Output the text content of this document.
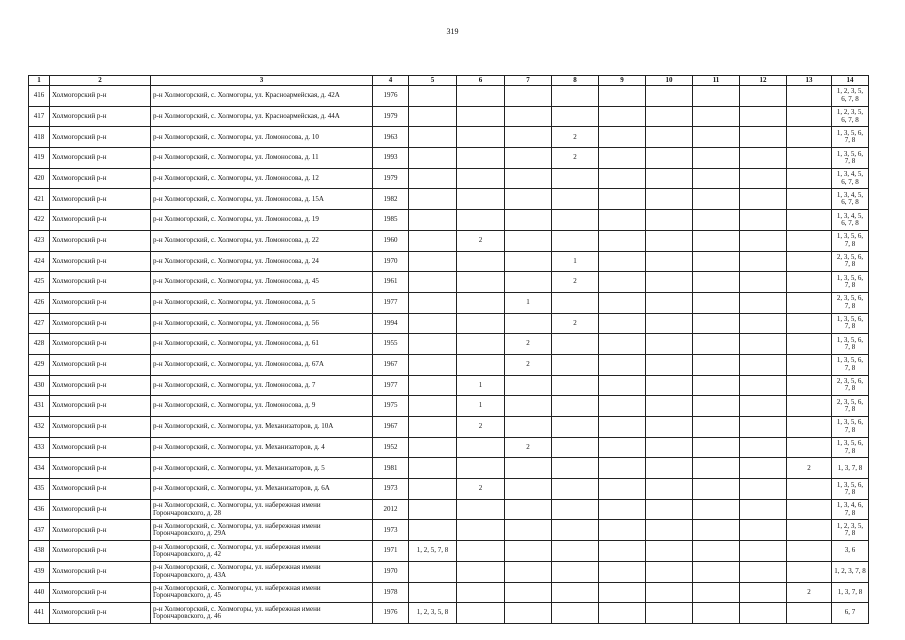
319
1	2	3	4	5	6	7	8	9	10	11	12	13	14
416	Холмогорский р-н	р-н Холмогорский, с. Холмогоры, ул. Красноармейская, д. 42А	1976										1, 2, 3, 5, 6, 7, 8
417	Холмогорский р-н	р-н Холмогорский, с. Холмогоры, ул. Красноармейская, д. 44А	1979										1, 2, 3, 5, 6, 7, 8
418	Холмогорский р-н	р-н Холмогорский, с. Холмогоры, ул. Ломоносова, д. 10	1963				2						1, 3, 5, 6, 7, 8
419	Холмогорский р-н	р-н Холмогорский, с. Холмогоры, ул. Ломоносова, д. 11	1993				2						1, 3, 5, 6, 7, 8
420	Холмогорский р-н	р-н Холмогорский, с. Холмогоры, ул. Ломоносова, д. 12	1979										1, 3, 4, 5, 6, 7, 8
421	Холмогорский р-н	р-н Холмогорский, с. Холмогоры, ул. Ломоносова, д. 15А	1982										1, 3, 4, 5, 6, 7, 8
422	Холмогорский р-н	р-н Холмогорский, с. Холмогоры, ул. Ломоносова, д. 19	1985										1, 3, 4, 5, 6, 7, 8
423	Холмогорский р-н	р-н Холмогорский, с. Холмогоры, ул. Ломоносова, д. 22	1960		2								1, 3, 5, 6, 7, 8
424	Холмогорский р-н	р-н Холмогорский, с. Холмогоры, ул. Ломоносова, д. 24	1970				1						2, 3, 5, 6, 7, 8
425	Холмогорский р-н	р-н Холмогорский, с. Холмогоры, ул. Ломоносова, д. 45	1961				2						1, 3, 5, 6, 7, 8
426	Холмогорский р-н	р-н Холмогорский, с. Холмогоры, ул. Ломоносова, д. 5	1977			1							2, 3, 5, 6, 7, 8
427	Холмогорский р-н	р-н Холмогорский, с. Холмогоры, ул. Ломоносова, д. 56	1994				2						1, 3, 5, 6, 7, 8
428	Холмогорский р-н	р-н Холмогорский, с. Холмогоры, ул. Ломоносова, д. 61	1955			2							1, 3, 5, 6, 7, 8
429	Холмогорский р-н	р-н Холмогорский, с. Холмогоры, ул. Ломоносова, д. 67А	1967			2							1, 3, 5, 6, 7, 8
430	Холмогорский р-н	р-н Холмогорский, с. Холмогоры, ул. Ломоносова, д. 7	1977		1								2, 3, 5, 6, 7, 8
431	Холмогорский р-н	р-н Холмогорский, с. Холмогоры, ул. Ломоносова, д. 9	1975		1								2, 3, 5, 6, 7, 8
432	Холмогорский р-н	р-н Холмогорский, с. Холмогоры, ул. Механизаторов, д. 10А	1967		2								1, 3, 5, 6, 7, 8
433	Холмогорский р-н	р-н Холмогорский, с. Холмогоры, ул. Механизаторов, д. 4	1952			2							1, 3, 5, 6, 7, 8
434	Холмогорский р-н	р-н Холмогорский, с. Холмогоры, ул. Механизаторов, д. 5	1981									2	1, 3, 7, 8
435	Холмогорский р-н	р-н Холмогорский, с. Холмогоры, ул. Механизаторов, д. 6А	1973		2								1, 3, 5, 6, 7, 8
436	Холмогорский р-н	р-н Холмогорский, с. Холмогоры, ул. набережная имени Горончаровского, д. 28	2012										1, 3, 4, 6, 7, 8
437	Холмогорский р-н	р-н Холмогорский, с. Холмогоры, ул. набережная имени Горончаровского, д. 29А	1973										1, 2, 3, 5, 7, 8
438	Холмогорский р-н	р-н Холмогорский, с. Холмогоры, ул. набережная имени Горончаровского, д. 42	1971	1, 2, 5, 7, 8									3, 6
439	Холмогорский р-н	р-н Холмогорский, с. Холмогоры, ул. набережная имени Горончаровского, д. 43А	1970										1, 2, 3, 7, 8
440	Холмогорский р-н	р-н Холмогорский, с. Холмогоры, ул. набережная имени Горончаровского, д. 45	1978									2	1, 3, 7, 8
441	Холмогорский р-н	р-н Холмогорский, с. Холмогоры, ул. набережная имени Горончаровского, д. 46	1976	1, 2, 3, 5, 8									6, 7
